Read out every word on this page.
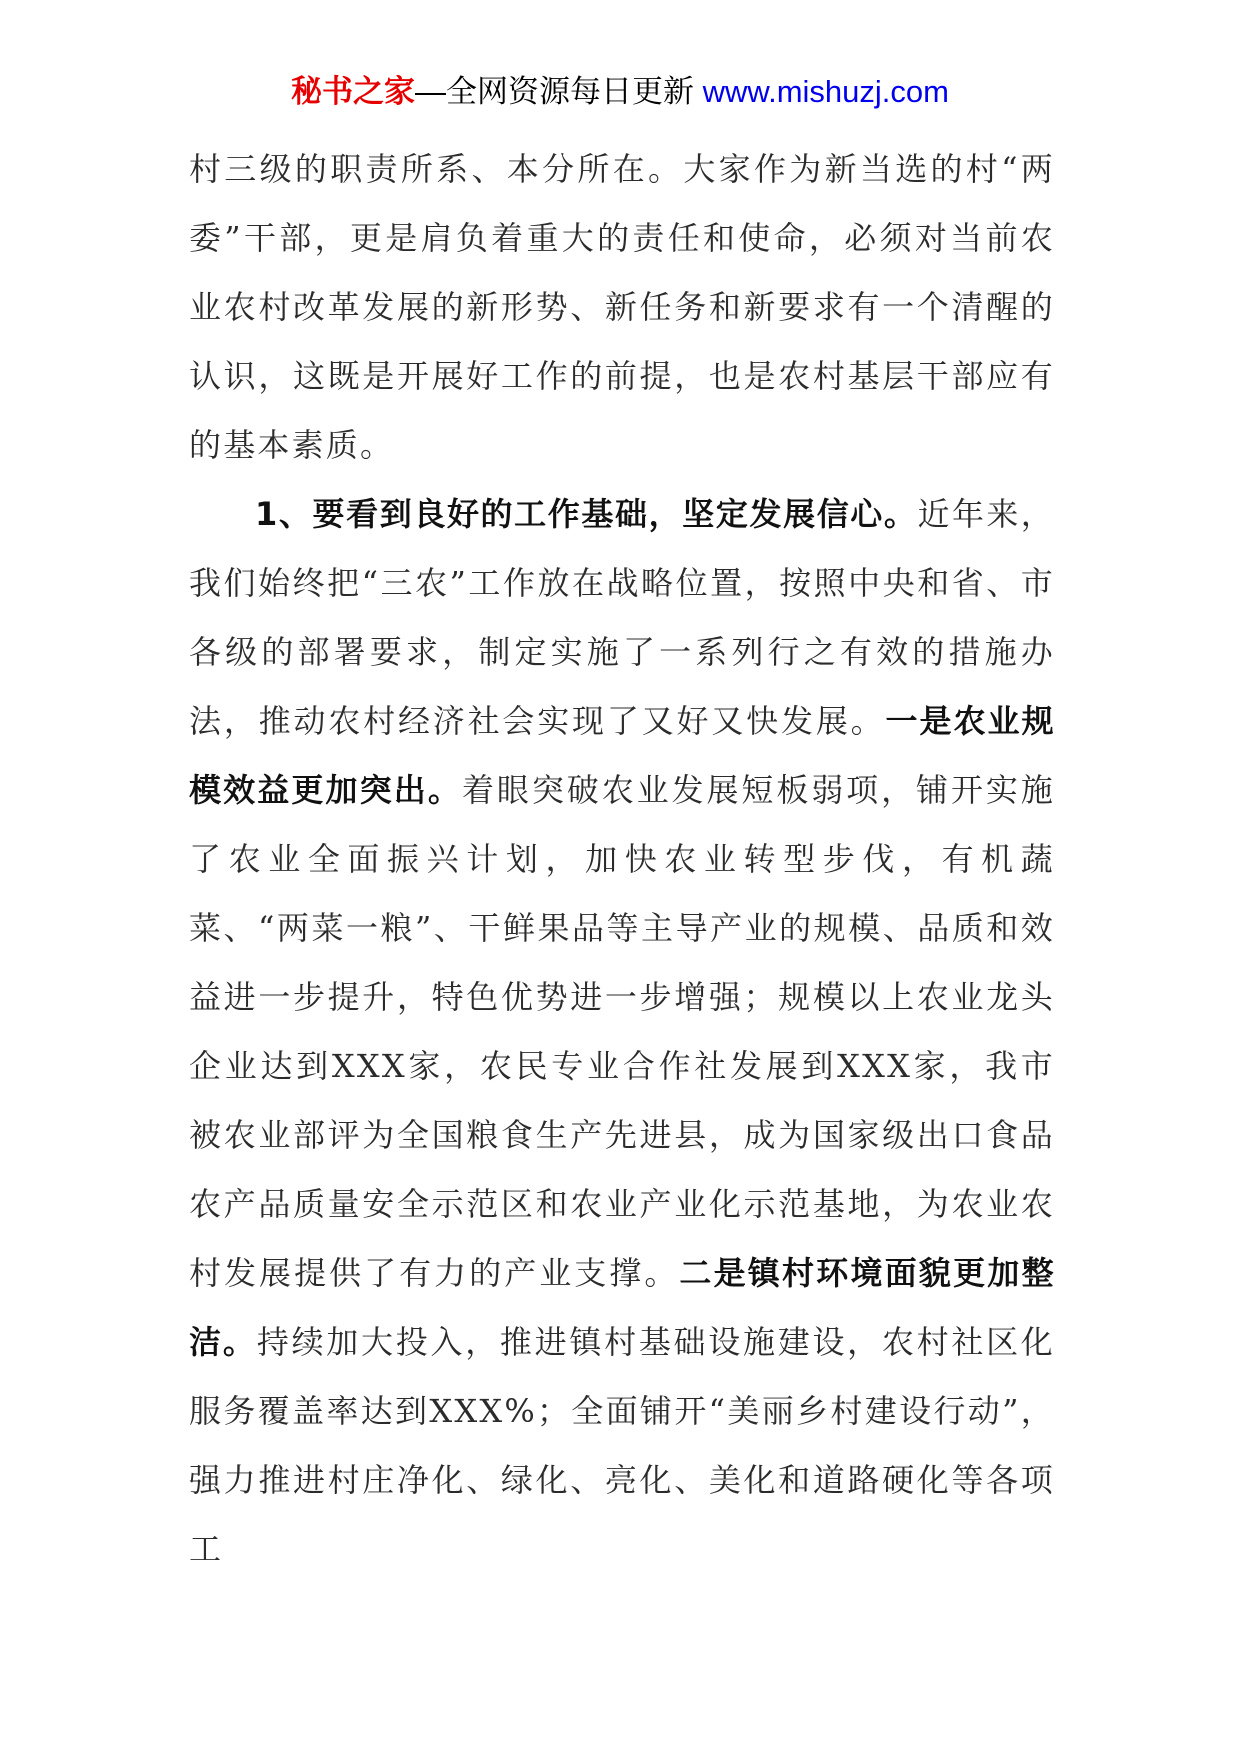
秘书之家—全网资源每日更新 www.mishuzj.com

村三级的职责所系、本分所在。大家作为新当选的村“两委”干部，更是肩负着重大的责任和使命，必须对当前农业农村改革发展的新形势、新任务和新要求有一个清醒的认识，这既是开展好工作的前提，也是农村基层干部应有的基本素质。

1、要看到良好的工作基础，坚定发展信心。近年来，我们始终把“三农”工作放在战略位置，按照中央和省、市各级的部署要求，制定实施了一系列行之有效的措施办法，推动农村经济社会实现了又好又快发展。一是农业规模效益更加突出。着眼突破农业发展短板弱项，铺开实施了农业全面振兴计划，加快农业转型步伐，有机蔬菜、“两菜一粮”、干鲜果品等主导产业的规模、品质和效益进一步提升，特色优势进一步增强；规模以上农业龙头企业达到XXX家，农民专业合作社发展到XXX家，我市被农业部评为全国粮食生产先进县，成为国家级出口食品农产品质量安全示范区和农业产业化示范基地，为农业农村发展提供了有力的产业支撑。二是镇村环境面貌更加整洁。持续加大投入，推进镇村基础设施建设，农村社区化服务覆盖率达到XXX%；全面铺开“美丽乡村建设行动”，强力推进村庄净化、绿化、亮化、美化和道路硬化等各项工
